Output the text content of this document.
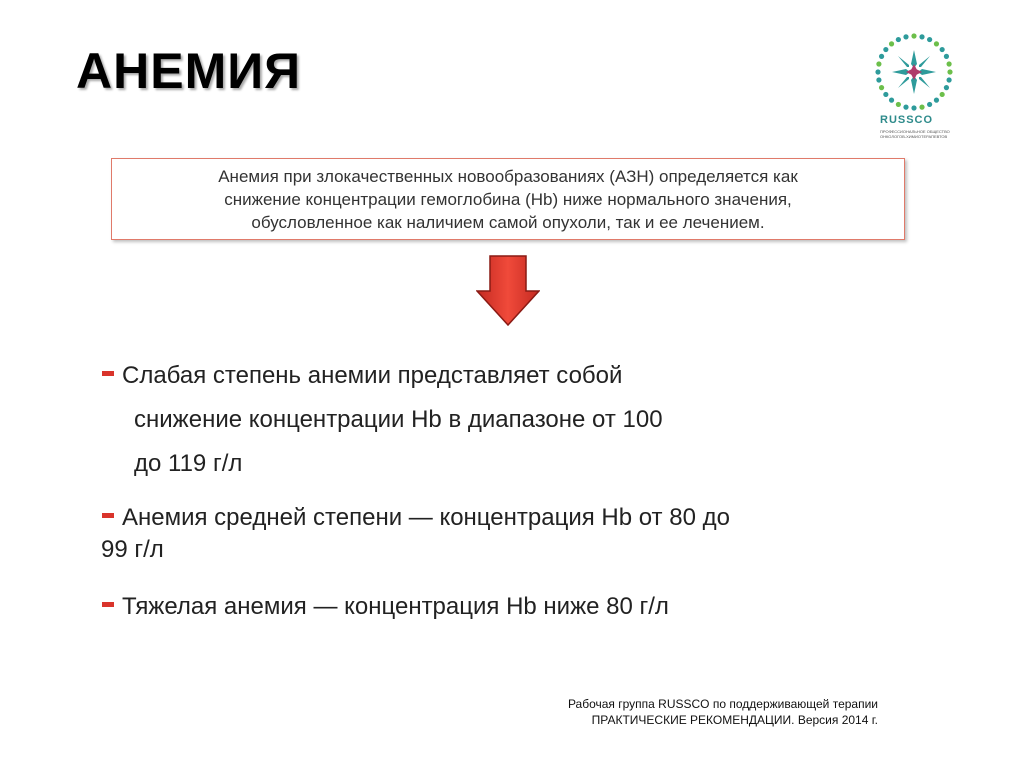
АНЕМИЯ
RUSSCO
ПРОФЕССИОНАЛЬНОЕ ОБЩЕСТВО ОНКОЛОГОВ-ХИМИОТЕРАПЕВТОВ

Анемия при злокачественных новообразованиях (АЗН) определяется как

снижение концентрации гемоглобина (Hb) ниже нормального значения,

обусловленное как наличием самой опухоли, так и ее лечением.

Слабая степень анемии представляет собой
снижение концентрации Hb в диапазоне от 100
до 119 г/л
Анемия средней степени — концентрация Hb от 80 до
99 г/л
Тяжелая анемия — концентрация Hb ниже 80 г/л
Рабочая группа RUSSCO по поддерживающей терапии
ПРАКТИЧЕСКИЕ РЕКОМЕНДАЦИИ. Версия 2014 г.
